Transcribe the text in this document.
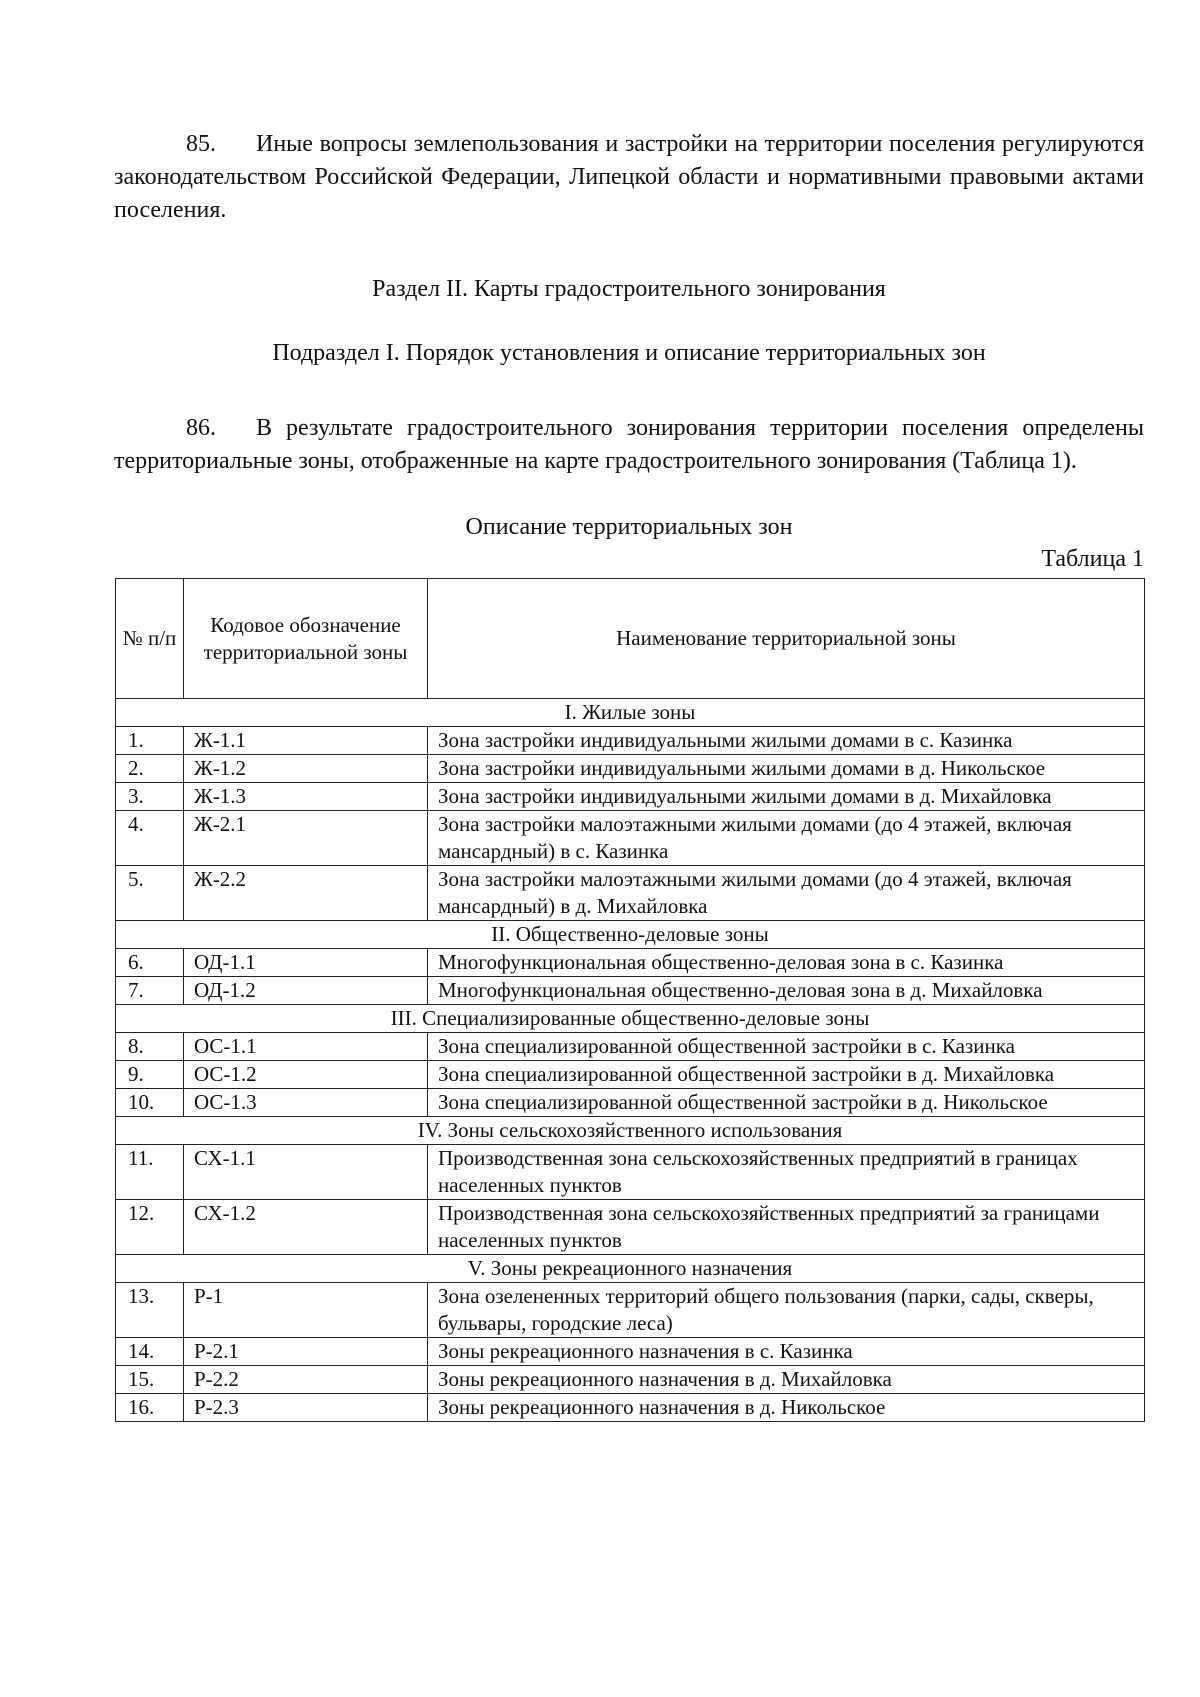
85. Иные вопросы землепользования и застройки на территории поселения регулируются законодательством Российской Федерации, Липецкой области и нормативными правовыми актами поселения.

Раздел II. Карты градостроительного зонирования
Подраздел I. Порядок установления и описание территориальных зон

86. В результате градостроительного зонирования территории поселения определены территориальные зоны, отображенные на карте градостроительного зонирования (Таблица 1).

Описание территориальных зон

Таблица 1

№ п/п	Кодовое обозначение территориальной зоны	Наименование территориальной зоны
I. Жилые зоны		
1.	Ж-1.1	Зона застройки индивидуальными жилыми домами в с. Казинка
2.	Ж-1.2	Зона застройки индивидуальными жилыми домами в д. Никольское
3.	Ж-1.3	Зона застройки индивидуальными жилыми домами в д. Михайловка
4.	Ж-2.1	Зона застройки малоэтажными жилыми домами (до 4 этажей, включая мансардный) в с. Казинка
5.	Ж-2.2	Зона застройки малоэтажными жилыми домами (до 4 этажей, включая мансардный) в д. Михайловка
II. Общественно-деловые зоны		
6.	ОД-1.1	Многофункциональная общественно-деловая зона в с. Казинка
7.	ОД-1.2	Многофункциональная общественно-деловая зона в д. Михайловка
III. Специализированные общественно-деловые зоны		
8.	ОС-1.1	Зона специализированной общественной застройки в с. Казинка
9.	ОС-1.2	Зона специализированной общественной застройки в д. Михайловка
10.	ОС-1.3	Зона специализированной общественной застройки в д. Никольское
IV. Зоны сельскохозяйственного использования		
11.	СХ-1.1	Производственная зона сельскохозяйственных предприятий в границах населенных пунктов
12.	СХ-1.2	Производственная зона сельскохозяйственных предприятий за границами населенных пунктов
V. Зоны рекреационного назначения		
13.	Р-1	Зона озелененных территорий общего пользования (парки, сады, скверы, бульвары, городские леса)
14.	Р-2.1	Зоны рекреационного назначения в с. Казинка
15.	Р-2.2	Зоны рекреационного назначения в д. Михайловка
16.	Р-2.3	Зоны рекреационного назначения в д. Никольское
